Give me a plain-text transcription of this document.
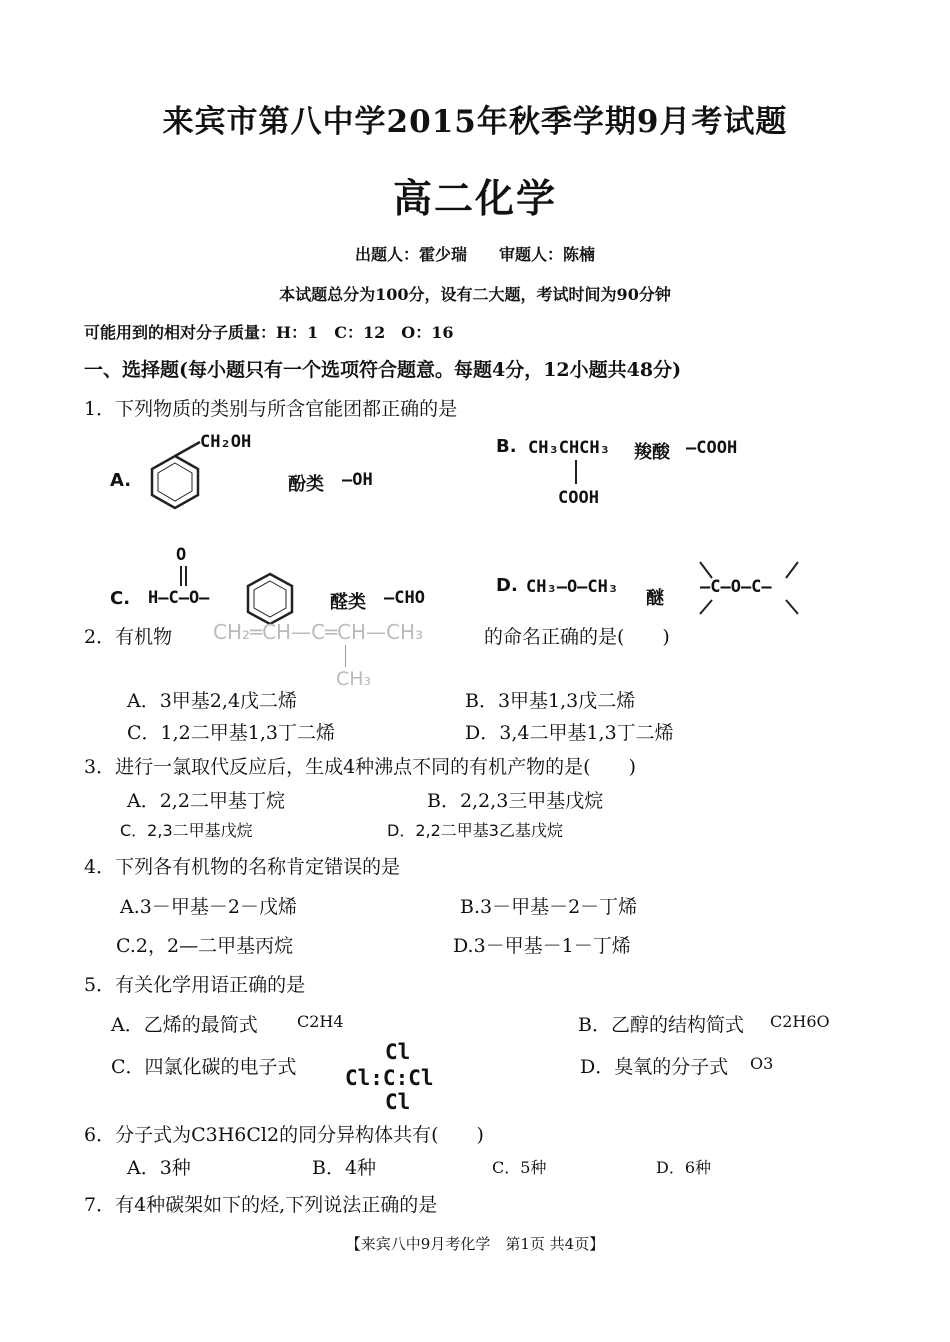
来宾市第八中学2015年秋季学期9月考试题
高二化学
出题人：霍少瑞　　审题人：陈楠
本试题总分为100分，设有二大题，考试时间为90分钟
可能用到的相对分子质量：H：1　C：12　O：16
一、选择题(每小题只有一个选项符合题意。每题4分，12小题共48分)
1．下列物质的类别与所含官能团都正确的是
A.
CH₂OH
酚类 —OH
B. CH₃CHCH₃
COOH
羧酸 —COOH
C.
O
H—C—O—	醛类 —CHO
D. CH₃—O—CH₃
醚
—C—O—C—
2．有机物 CH₂═CH—C═CH—CH₃
CH₃
的命名正确的是(　　)
A．3甲基2,4戊二烯	B．3甲基1,3戊二烯
C．1,2二甲基1,3丁二烯	D．3,4二甲基1,3丁二烯
3．进行一氯取代反应后，生成4种沸点不同的有机产物的是(　　)
A．2,2二甲基丁烷	B．2,2,3三甲基戊烷
C．2,3二甲基戊烷	D．2,2二甲基3乙基戊烷
4．下列各有机物的名称肯定错误的是
A.3－甲基－2－戊烯	B.3－甲基－2－丁烯
C.2，2—二甲基丙烷	D.3－甲基－1－丁烯
5．有关化学用语正确的是
A．乙烯的最简式 C2H4	B．乙醇的结构简式 C2H6O
C．四氯化碳的电子式
Cl
Cl:C:Cl
Cl
D．臭氧的分子式 O3
6．分子式为C3H6Cl2的同分异构体共有(　　)
A．3种	B．4种	C．5种	D．6种
7．有4种碳架如下的烃,下列说法正确的是
【来宾八中9月考化学　第1页 共4页】
